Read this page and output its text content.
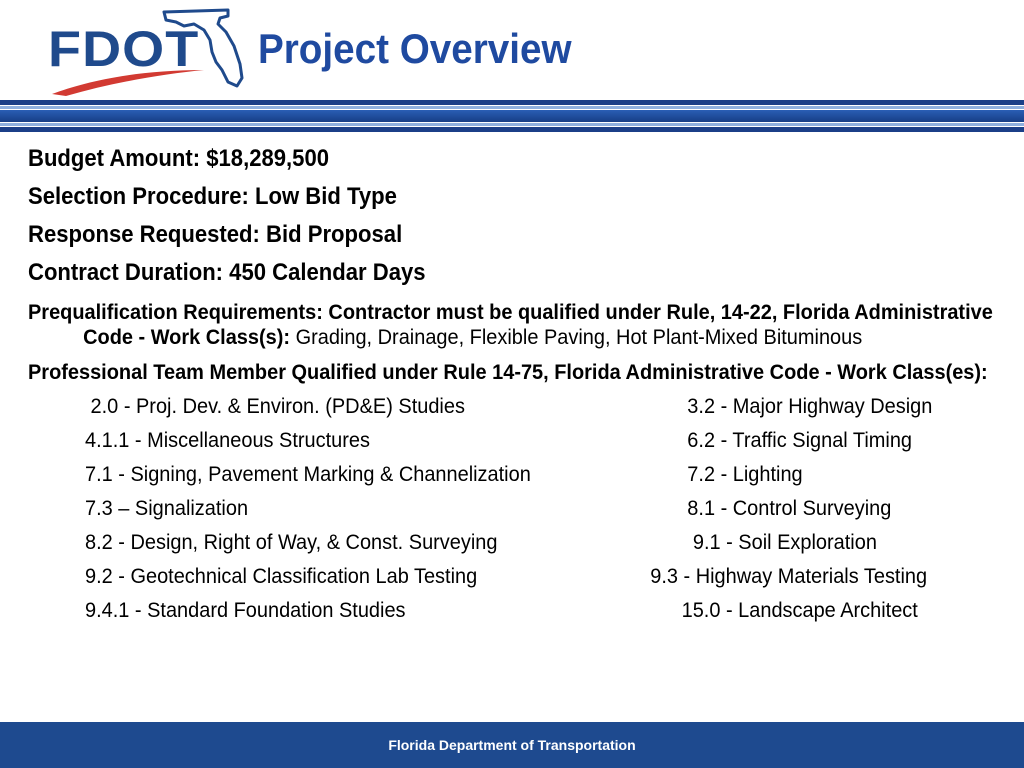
FDOT Project Overview
Budget Amount: $18,289,500
Selection Procedure: Low Bid Type
Response Requested: Bid Proposal
Contract Duration: 450 Calendar Days
Prequalification Requirements: Contractor must be qualified under Rule, 14-22, Florida Administrative Code - Work Class(s): Grading, Drainage, Flexible Paving, Hot Plant-Mixed Bituminous
Professional Team Member Qualified under Rule 14-75, Florida Administrative Code - Work Class(es):
2.0 - Proj. Dev. & Environ. (PD&E) Studies	3.2 - Major Highway Design
4.1.1 - Miscellaneous Structures	6.2 - Traffic Signal Timing
7.1 - Signing, Pavement Marking & Channelization	7.2 - Lighting
7.3 – Signalization	8.1 - Control Surveying
8.2 - Design, Right of Way, & Const. Surveying	9.1 - Soil Exploration
9.2 - Geotechnical Classification Lab Testing	9.3 - Highway Materials Testing
9.4.1 - Standard Foundation Studies	15.0 - Landscape Architect
Florida Department of Transportation
